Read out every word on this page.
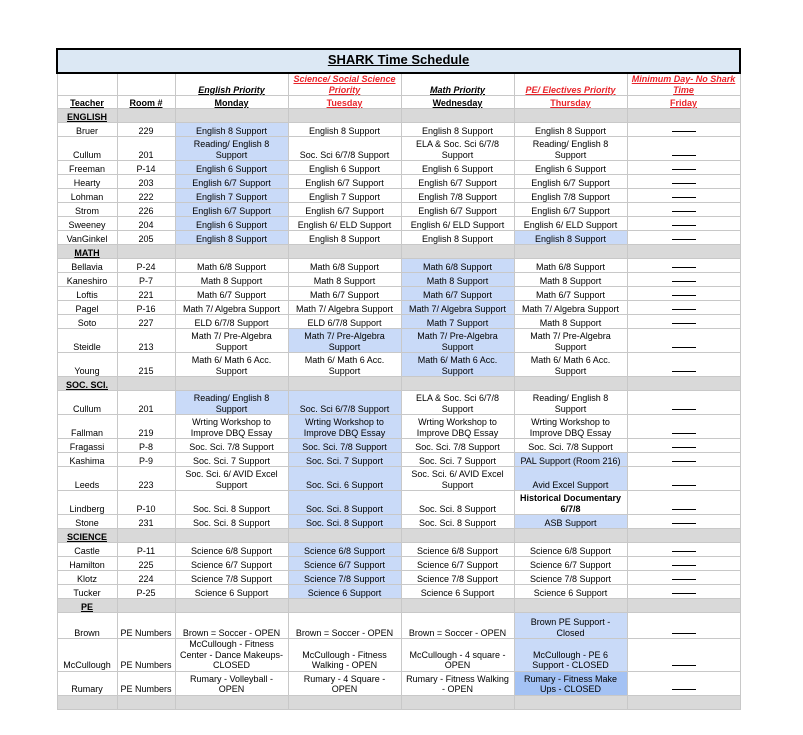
SHARK Time Schedule						
		English Priority	Science/ Social Science Priority	Math Priority	PE/ Electives Priority	Minimum Day- No Shark Time
Teacher	Room #	Monday	Tuesday	Wednesday	Thursday	Friday
ENGLISH						
Bruer	229	English 8 Support	English 8 Support	English 8 Support	English 8 Support	
Cullum	201	Reading/ English 8 Support	Soc. Sci 6/7/8 Support	ELA & Soc. Sci 6/7/8 Support	Reading/ English 8 Support	
Freeman	P-14	English 6 Support	English 6 Support	English 6 Support	English 6 Support	
Hearty	203	English 6/7 Support	English 6/7 Support	English 6/7 Support	English 6/7 Support	
Lohman	222	English 7 Support	English 7 Support	English 7/8 Support	English 7/8 Support	
Strom	226	English 6/7 Support	English 6/7 Support	English 6/7 Support	English 6/7 Support	
Sweeney	204	English 6 Support	English 6/ ELD Support	English 6/ ELD Support	English 6/ ELD Support	
VanGinkel	205	English 8 Support	English 8 Support	English 8 Support	English 8 Support	
MATH						
Bellavia	P-24	Math 6/8 Support	Math 6/8 Support	Math 6/8 Support	Math 6/8 Support	
Kaneshiro	P-7	Math 8 Support	Math 8 Support	Math 8 Support	Math 8 Support	
Loftis	221	Math 6/7 Support	Math 6/7 Support	Math 6/7 Support	Math 6/7 Support	
Pagel	P-16	Math 7/ Algebra Support	Math 7/ Algebra Support	Math 7/ Algebra Support	Math 7/ Algebra Support	
Soto	227	ELD 6/7/8 Support	ELD 6/7/8 Support	Math 7 Support	Math 8 Support	
Steidle	213	Math 7/ Pre-Algebra Support	Math 7/ Pre-Algebra Support	Math 7/ Pre-Algebra Support	Math 7/ Pre-Algebra Support	
Young	215	Math 6/ Math 6 Acc. Support	Math 6/ Math 6 Acc. Support	Math 6/ Math 6 Acc. Support	Math 6/ Math 6 Acc. Support	
SOC. SCI.						
Cullum	201	Reading/ English 8 Support	Soc. Sci 6/7/8 Support	ELA & Soc. Sci 6/7/8 Support	Reading/ English 8 Support	
Fallman	219	Wrting Workshop to Improve DBQ Essay	Wrting Workshop to Improve DBQ Essay	Wrting Workshop to Improve DBQ Essay	Wrting Workshop to Improve DBQ Essay	
Fragassi	P-8	Soc. Sci. 7/8 Support	Soc. Sci. 7/8 Support	Soc. Sci. 7/8 Support	Soc. Sci. 7/8 Support	
Kashima	P-9	Soc. Sci. 7 Support	Soc. Sci. 7 Support	Soc. Sci. 7 Support	PAL Support (Room 216)	
Leeds	223	Soc. Sci. 6/ AVID Excel Support	Soc. Sci. 6 Support	Soc. Sci. 6/ AVID Excel Support	Avid Excel Support	
Lindberg	P-10	Soc. Sci. 8 Support	Soc. Sci. 8 Support	Soc. Sci. 8 Support	Historical Documentary 6/7/8	
Stone	231	Soc. Sci. 8 Support	Soc. Sci. 8 Support	Soc. Sci. 8 Support	ASB Support	
SCIENCE						
Castle	P-11	Science 6/8 Support	Science 6/8 Support	Science 6/8 Support	Science 6/8 Support	
Hamilton	225	Science 6/7 Support	Science 6/7 Support	Science 6/7 Support	Science 6/7 Support	
Klotz	224	Science 7/8 Support	Science 7/8 Support	Science 7/8 Support	Science 7/8 Support	
Tucker	P-25	Science 6 Support	Science 6 Support	Science 6 Support	Science 6 Support	
PE						
Brown	PE Numbers	Brown = Soccer - OPEN	Brown = Soccer - OPEN	Brown = Soccer - OPEN	Brown PE Support - Closed	
McCullough	PE Numbers	McCullough - Fitness Center - Dance Makeups- CLOSED	McCullough - Fitness Walking - OPEN	McCullough - 4 square - OPEN	McCullough - PE 6 Support - CLOSED	
Rumary	PE Numbers	Rumary - Volleyball - OPEN	Rumary - 4 Square - OPEN	Rumary - Fitness Walking - OPEN	Rumary - Fitness Make Ups - CLOSED	
